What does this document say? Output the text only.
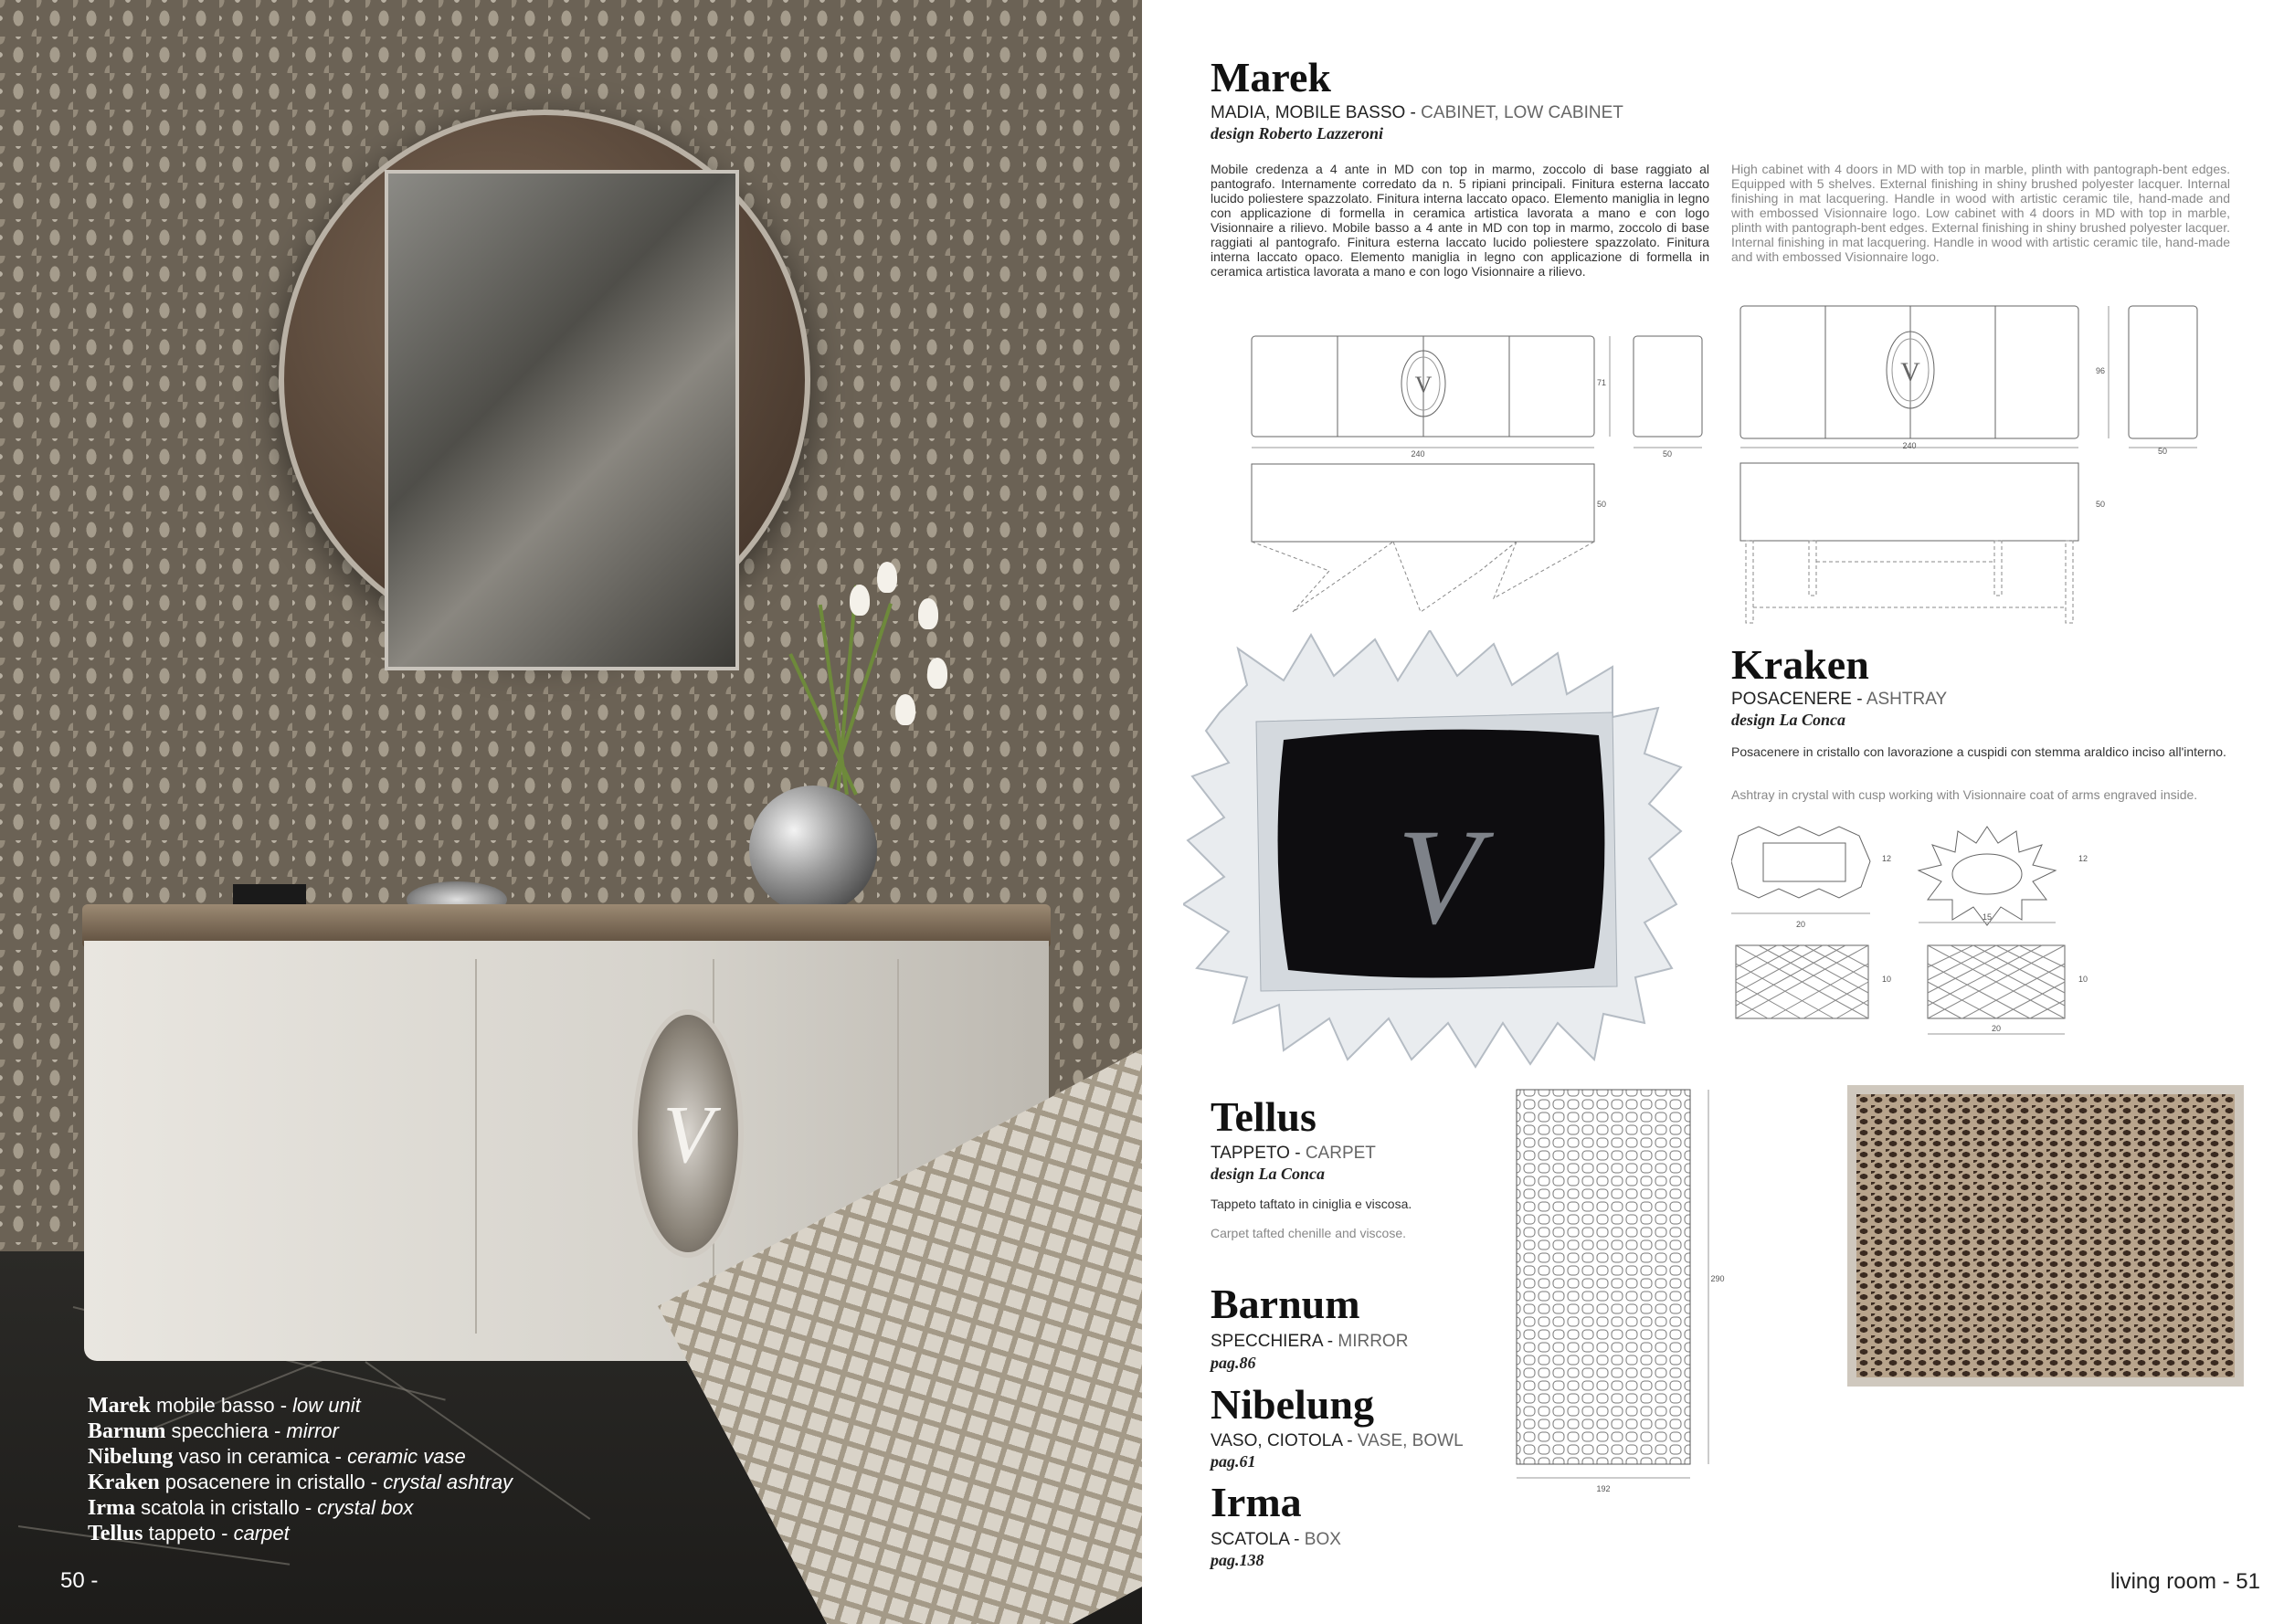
V
Marek mobile basso - low unit
Barnum specchiera - mirror
Nibelung vaso in ceramica - ceramic vase
Kraken posacenere in cristallo - crystal ashtray
Irma scatola in cristallo - crystal box
Tellus tappeto - carpet
50 -
Marek
MADIA, MOBILE BASSO - CABINET, LOW CABINET
design Roberto Lazzeroni

Mobile credenza a 4 ante in MD con top in marmo, zoccolo di base raggiato al pantografo. Internamente corredato da n. 5 ripiani principali. Finitura esterna laccato lucido poliestere spazzolato. Finitura interna laccato opaco. Elemento maniglia in legno con applicazione di formella in ceramica artistica lavorata a mano e con logo Visionnaire a rilievo. Mobile basso a 4 ante in MD con top in marmo, zoccolo di base raggiati al pantografo. Finitura esterna laccato lucido poliestere spazzolato. Finitura interna laccato opaco. Elemento maniglia in legno con applicazione di formella in ceramica artistica lavorata a mano e con logo Visionnaire a rilievo.

High cabinet with 4 doors in MD with top in marble, plinth with pantograph-bent edges. Equipped with 5 shelves. External finishing in shiny brushed polyester lacquer. Internal finishing in mat lacquering. Handle in wood with artistic ceramic tile, hand-made and with embossed Visionnaire logo. Low cabinet with 4 doors in MD with top in marble, plinth with pantograph-bent edges. External finishing in shiny brushed polyester lacquer. Internal finishing in mat lacquering. Handle in wood with artistic ceramic tile, hand-made and with embossed Visionnaire logo.

V
240
71
50
50
V
240
96
50
50
V
Kraken
POSACENERE - ASHTRAY
design La Conca

Posacenere in cristallo con lavorazione a cuspidi con stemma araldico inciso all'interno.

Ashtray in crystal with cusp working with Visionnaire coat of arms engraved inside.

12
20
12
15
10	10
20
Tellus
TAPPETO - CARPET
design La Conca

Tappeto taftato in ciniglia e viscosa.

Carpet tafted chenille and viscose.

290
192
Barnum
SPECCHIERA - MIRROR
pag.86
Nibelung
VASO, CIOTOLA - VASE, BOWL
pag.61
Irma
SCATOLA - BOX
pag.138
living room - 51
